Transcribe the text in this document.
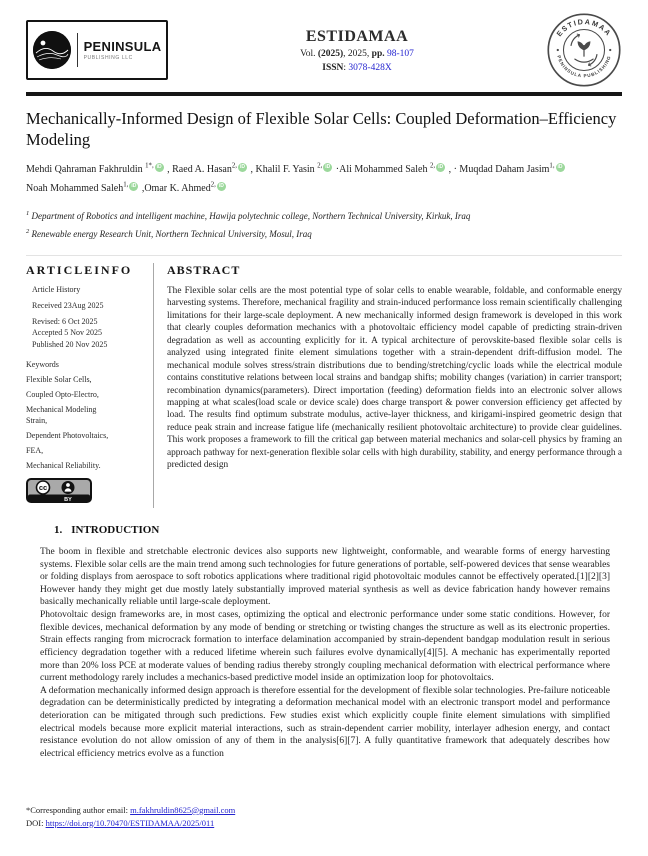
PENINSULA
PUBLISHING LLC
ESTIDAMAA
Vol. (2025), 2025, pp. 98-107
ISSN: 3078-428X
ESTIDAMAA
PENINSULA PUBLISHING
Mechanically-Informed Design of Flexible Solar Cells: Coupled Deformation–Efficiency Modeling
Mehdi Qahraman Fakhruldin $^{1*,}$ iD , Raed A. Hasan$^{2,}$ iD , Khalil F. Yasin $^{2,}$ iD ·Ali Mohammed Saleh $^{2,}$ iD , · Muqdad Daham Jasim$^{1,}$ iD
Noah Mohammed Saleh$^{1,}$ iD ,Omar K. Ahmed$^{2,}$ iD
$^1$ Department of Robotics and intelligent machine, Hawija polytechnic college, Northern Technical University, Kirkuk, Iraq
$^2$ Renewable energy Research Unit, Northern Technical University, Mosul, Iraq
ARTICLEINFO
Article History
Received 23Aug 2025
Revised: 6 Oct 2025
Accepted 5 Nov 2025
Published 20 Nov 2025
Keywords
Flexible Solar Cells,
Coupled Opto-Electro,
Mechanical Modeling
Strain,
Dependent Photovoltaics,
FEA,
Mechanical Reliability.
cc
BY
ABSTRACT
The Flexible solar cells are the most potential type of solar cells to enable wearable, foldable, and conformable energy harvesting systems. Therefore, mechanical fragility and strain-induced performance loss remain scientifically challenging limitations for their large-scale deployment. A new mechanically informed design framework is developed in this work that clearly couples deformation mechanics with a photovoltaic efficiency model capable of predicting strain-driven degradation as well as accounting explicitly for it. A typical architecture of perovskite-based flexible solar cells is analyzed using integrated finite element simulations together with a strain-dependent drift-diffusion model. The mechanical module solves stress/strain distributions due to bending/stretching/cyclic loads while the electrical module contains constitutive relations between local strains and bandgap shifts; mobility changes (variation) in carrier transport; recombination dynamics(parameters). Direct importation (feeding) deformation fields into an electronic solver allows mapping at what scales(load scale or device scale) does charge transport & power conversion efficiency get affected by load. The results find optimum substrate modulus, active-layer thickness, and kirigami-inspired geometric design that reduce peak strain and increase fatigue life (mechanically resilient photovoltaic architecture) to provide clear guidelines. This work proposes a framework to fill the critical gap between material mechanics and solar-cell physics by framing an approach pathway for next-generation flexible solar cells with high durability, stability, and energy performance through a predicted design
1. INTRODUCTION

The boom in flexible and stretchable electronic devices also supports new lightweight, conformable, and wearable forms of energy harvesting systems. Flexible solar cells are the main trend among such technologies for future generations of portable, self-powered devices that sense wearables or folding displays from aerospace to soft robotics applications where traditional rigid photovoltaic modules cannot be effectively operated.[1][2][3] However handy they might get due mostly lately substantially improved material synthesis as well as device fabrication handy however remains basically mechanically reliable until large-scale deployment.

Photovoltaic design frameworks are, in most cases, optimizing the optical and electronic performance under some static conditions. However, for flexible devices, mechanical deformation by any mode of bending or stretching or twisting changes the structure as well as its electronic properties. Strain effects ranging from microcrack formation to interface delamination accompanied by strain-dependent bandgap modulation result in serious efficiency degradation together with a reduced lifetime wherein such failures evolve dynamically[4][5]. A mechanic has experimentally reported more than 20% loss PCE at moderate values of bending radius thereby strongly coupling mechanical deformation with electrical performance where current methodology rarely includes a mechanics-based predictive model inside an optimization loop for photovoltaics.

A deformation mechanically informed design approach is therefore essential for the development of flexible solar technologies. Pre-failure noticeable degradation can be deterministically predicted by integrating a deformation mechanical model with an electronic transport model and performance deterioration can be mitigated through such predictions. Few studies exist which explicitly couple finite element simulations with simplified electrical models because more explicit material interactions, such as strain-dependent carrier mobility, interlayer adhesion energy, and contact resistance evolution do not allow omission of any of them in the analysis[6][7]. A fully quantitative framework that adequately describes how electrical efficiency metrics evolve as a function

*Corresponding author email: m.fakhruldin8625@gmail.com
DOI: https://doi.org/10.70470/ESTIDAMAA/2025/011
